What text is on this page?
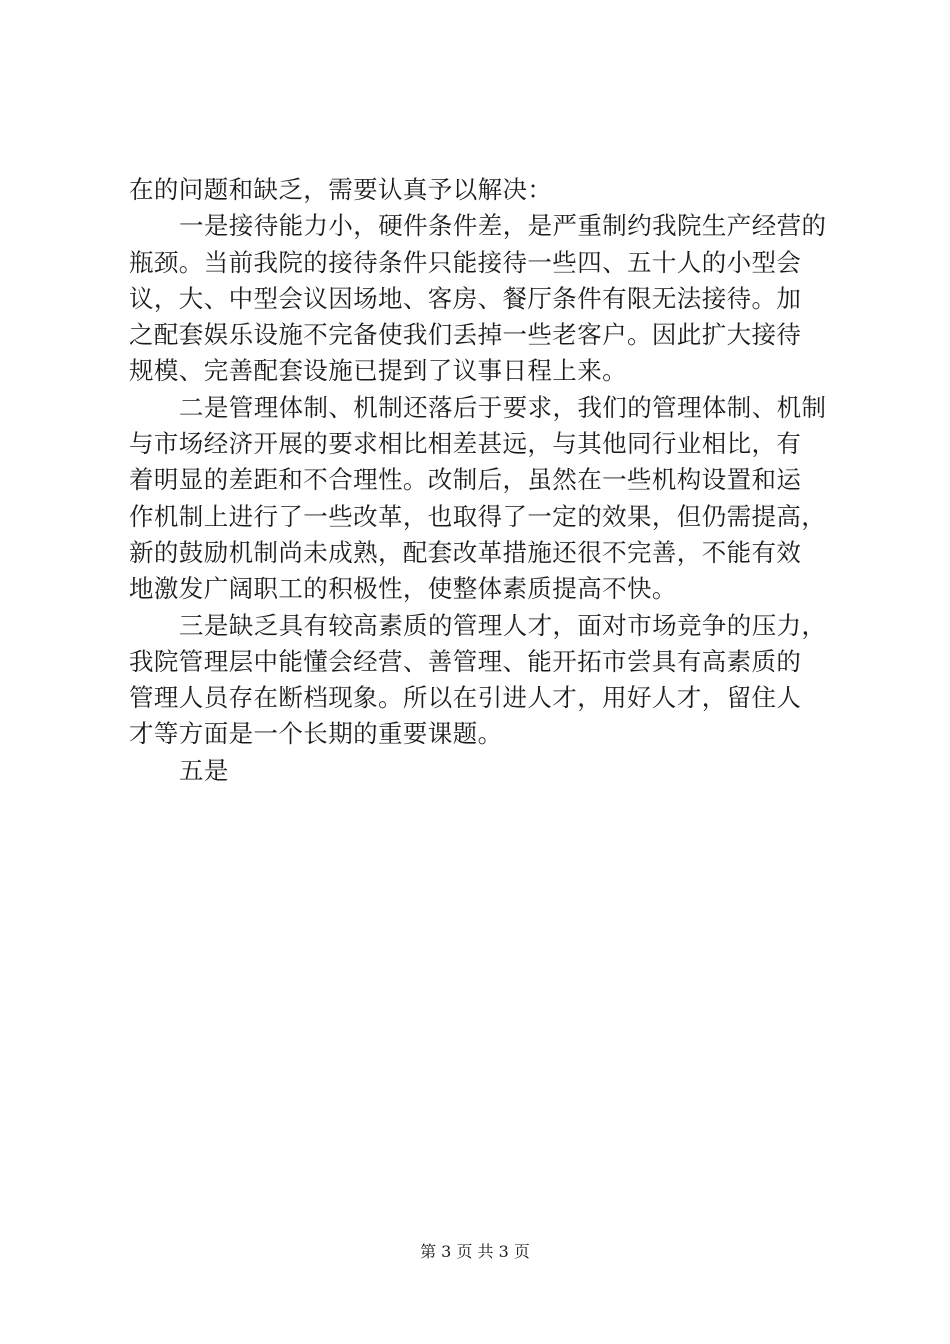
在的问题和缺乏，需要认真予以解决：
一是接待能力小，硬件条件差，是严重制约我院生产经营的
瓶颈。当前我院的接待条件只能接待一些四、五十人的小型会
议，大、中型会议因场地、客房、餐厅条件有限无法接待。加
之配套娱乐设施不完备使我们丢掉一些老客户。因此扩大接待
规模、完善配套设施已提到了议事日程上来。
二是管理体制、机制还落后于要求，我们的管理体制、机制
与市场经济开展的要求相比相差甚远，与其他同行业相比，有
着明显的差距和不合理性。改制后，虽然在一些机构设置和运
作机制上进行了一些改革，也取得了一定的效果，但仍需提高，
新的鼓励机制尚未成熟，配套改革措施还很不完善，不能有效
地激发广阔职工的积极性，使整体素质提高不快。
三是缺乏具有较高素质的管理人才，面对市场竞争的压力，
我院管理层中能懂会经营、善管理、能开拓市尝具有高素质的
管理人员存在断档现象。所以在引进人才，用好人才，留住人
才等方面是一个长期的重要课题。
五是
第 3 页 共 3 页
